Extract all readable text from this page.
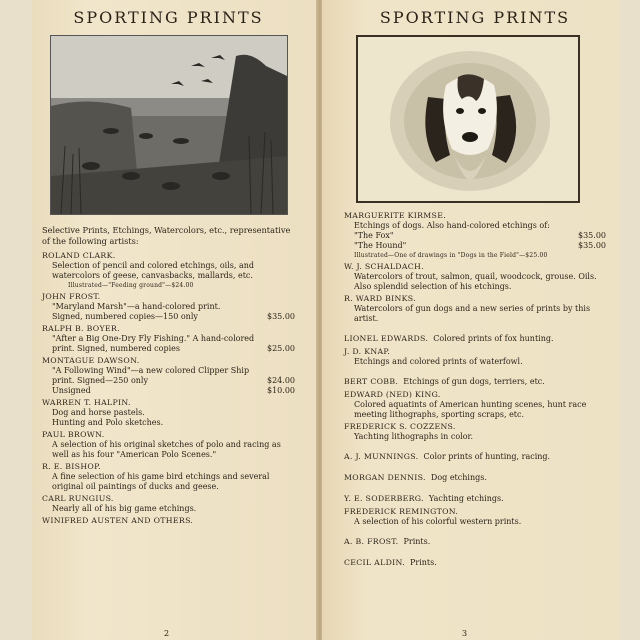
SPORTING PRINTS
Selective Prints, Etchings, Watercolors, etc., representative of the following artists:
ROLAND CLARK.
Selection of pencil and colored etchings, oils, and watercolors of geese, canvasbacks, mallards, etc.
Illustrated—"Feeding ground"—$24.00
JOHN FROST.
"Maryland Marsh"—a hand-colored print.
Signed, numbered copies—150 only	$35.00
RALPH B. BOYER.
"After a Big One-Dry Fly Fishing." A hand-colored print. Signed, numbered copies	$25.00
MONTAGUE DAWSON.
"A Following Wind"—a new colored Clipper Ship
print. Signed—250 only	$24.00
Unsigned	$10.00
WARREN T. HALPIN.
Dog and horse pastels.
Hunting and Polo sketches.
PAUL BROWN.
A selection of his original sketches of polo and racing as well as his four "American Polo Scenes."
R. E. BISHOP.
A fine selection of his game bird etchings and several original oil paintings of ducks and geese.
CARL RUNGIUS.
Nearly all of his big game etchings.
WINIFRED AUSTEN AND OTHERS.
2
SPORTING PRINTS
MARGUERITE KIRMSE.
Etchings of dogs. Also hand-colored etchings of:
"The Fox"	$35.00
"The Hound"	$35.00
Illustrated—One of drawings in "Dogs in the Field"—$25.00
W. J. SCHALDACH.
Watercolors of trout, salmon, quail, woodcock, grouse. Oils. Also splendid selection of his etchings.
R. WARD BINKS.
Watercolors of gun dogs and a new series of prints by this artist.
LIONEL EDWARDS. Colored prints of fox hunting.
J. D. KNAP.
Etchings and colored prints of waterfowl.
BERT COBB. Etchings of gun dogs, terriers, etc.
EDWARD (NED) KING.
Colored aquatints of American hunting scenes, hunt race meeting lithographs, sporting scraps, etc.
FREDERICK S. COZZENS.
Yachting lithographs in color.
A. J. MUNNINGS. Color prints of hunting, racing.
MORGAN DENNIS. Dog etchings.
Y. E. SODERBERG. Yachting etchings.
FREDERICK REMINGTON.
A selection of his colorful western prints.
A. B. FROST. Prints.
CECIL ALDIN. Prints.
3
